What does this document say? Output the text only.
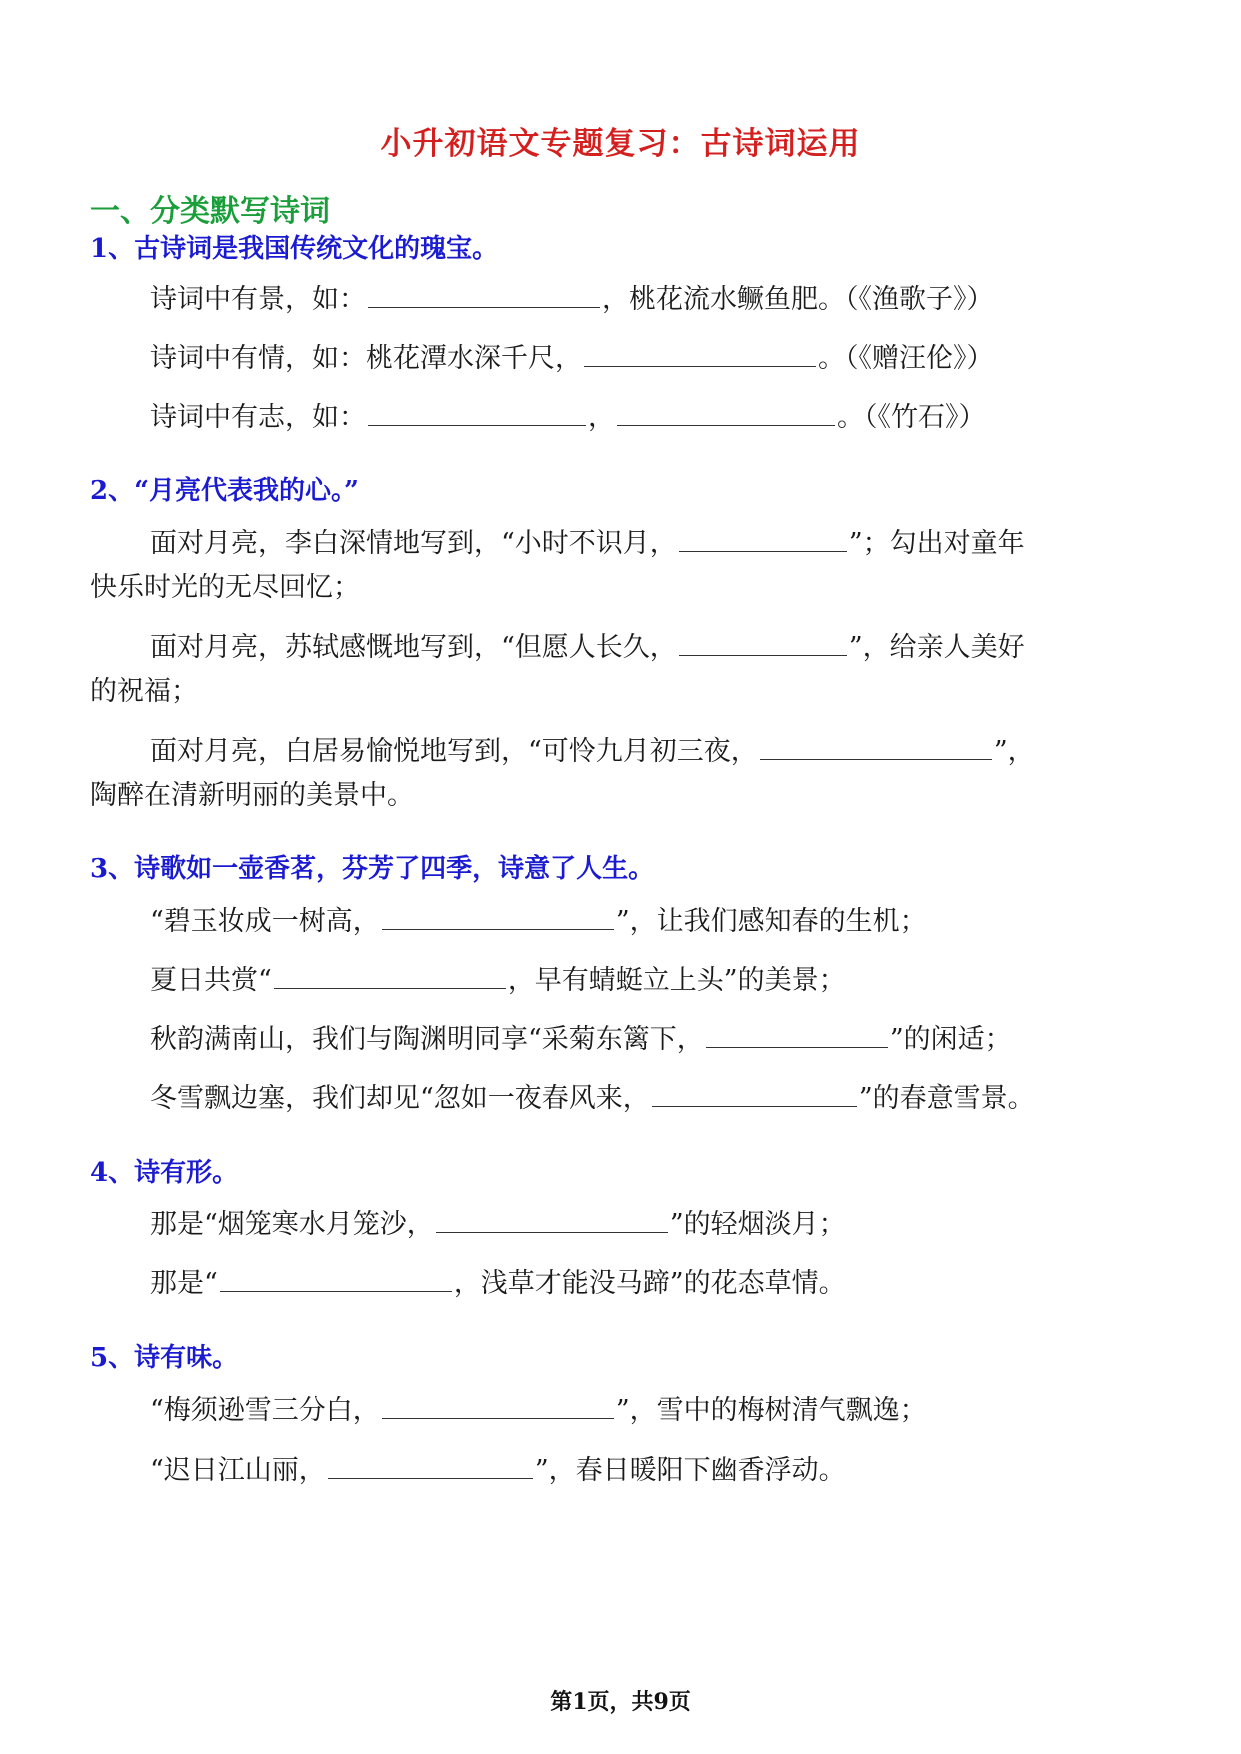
小升初语文专题复习：古诗词运用
一、分类默写诗词
1、古诗词是我国传统文化的瑰宝。
诗词中有景，如：	，桃花流水鳜鱼肥。（《渔歌子》）
诗词中有情，如：桃花潭水深千尺，	。（《赠汪伦》）
诗词中有志，如：	，	。（《竹石》）
2、“月亮代表我的心。”
面对月亮，李白深情地写到，“小时不识月，	”；勾出对童年
快乐时光的无尽回忆；
面对月亮，苏轼感慨地写到，“但愿人长久，	”，给亲人美好
的祝福；
面对月亮，白居易愉悦地写到，“可怜九月初三夜，	”，
陶醉在清新明丽的美景中。
3、诗歌如一壶香茗，芬芳了四季，诗意了人生。
“碧玉妆成一树高，	”，让我们感知春的生机；
夏日共赏“	，早有蜻蜓立上头”的美景；
秋韵满南山，我们与陶渊明同享“采菊东篱下，	”的闲适；
冬雪飘边塞，我们却见“忽如一夜春风来，	”的春意雪景。
4、诗有形。
那是“烟笼寒水月笼沙，	”的轻烟淡月；
那是“	，浅草才能没马蹄”的花态草情。
5、诗有味。
“梅须逊雪三分白，	”，雪中的梅树清气飘逸；
“迟日江山丽，	”，春日暖阳下幽香浮动。
第1页，共9页
